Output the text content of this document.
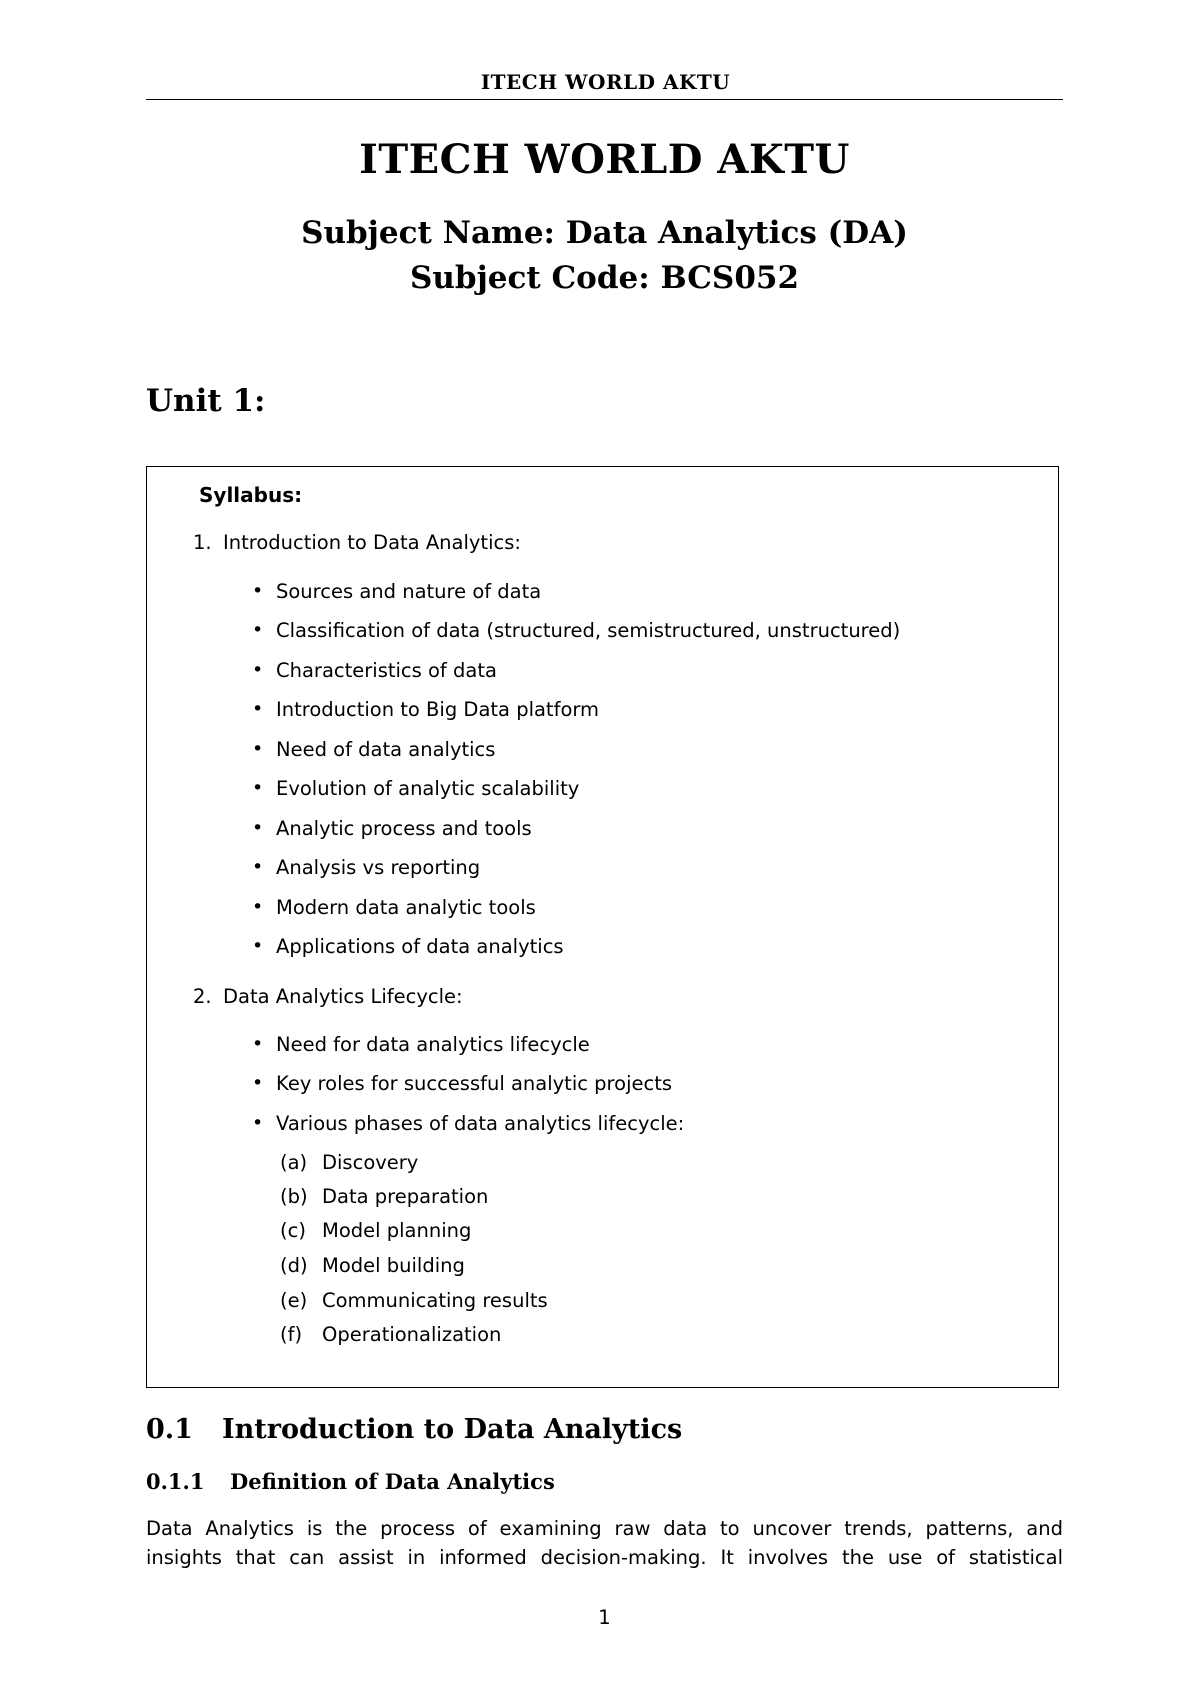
ITECH WORLD AKTU
ITECH WORLD AKTU
Subject Name: Data Analytics (DA)
Subject Code: BCS052
Unit 1:
Syllabus:
1. Introduction to Data Analytics:
• Sources and nature of data
• Classification of data (structured, semistructured, unstructured)
• Characteristics of data
• Introduction to Big Data platform
• Need of data analytics
• Evolution of analytic scalability
• Analytic process and tools
• Analysis vs reporting
• Modern data analytic tools
• Applications of data analytics
2. Data Analytics Lifecycle:
• Need for data analytics lifecycle
• Key roles for successful analytic projects
• Various phases of data analytics lifecycle:
(a) Discovery
(b) Data preparation
(c) Model planning
(d) Model building
(e) Communicating results
(f) Operationalization
0.1 Introduction to Data Analytics
0.1.1 Definition of Data Analytics
Data Analytics is the process of examining raw data to uncover trends, patterns, and
insights that can assist in informed decision-making. It involves the use of statistical
1
